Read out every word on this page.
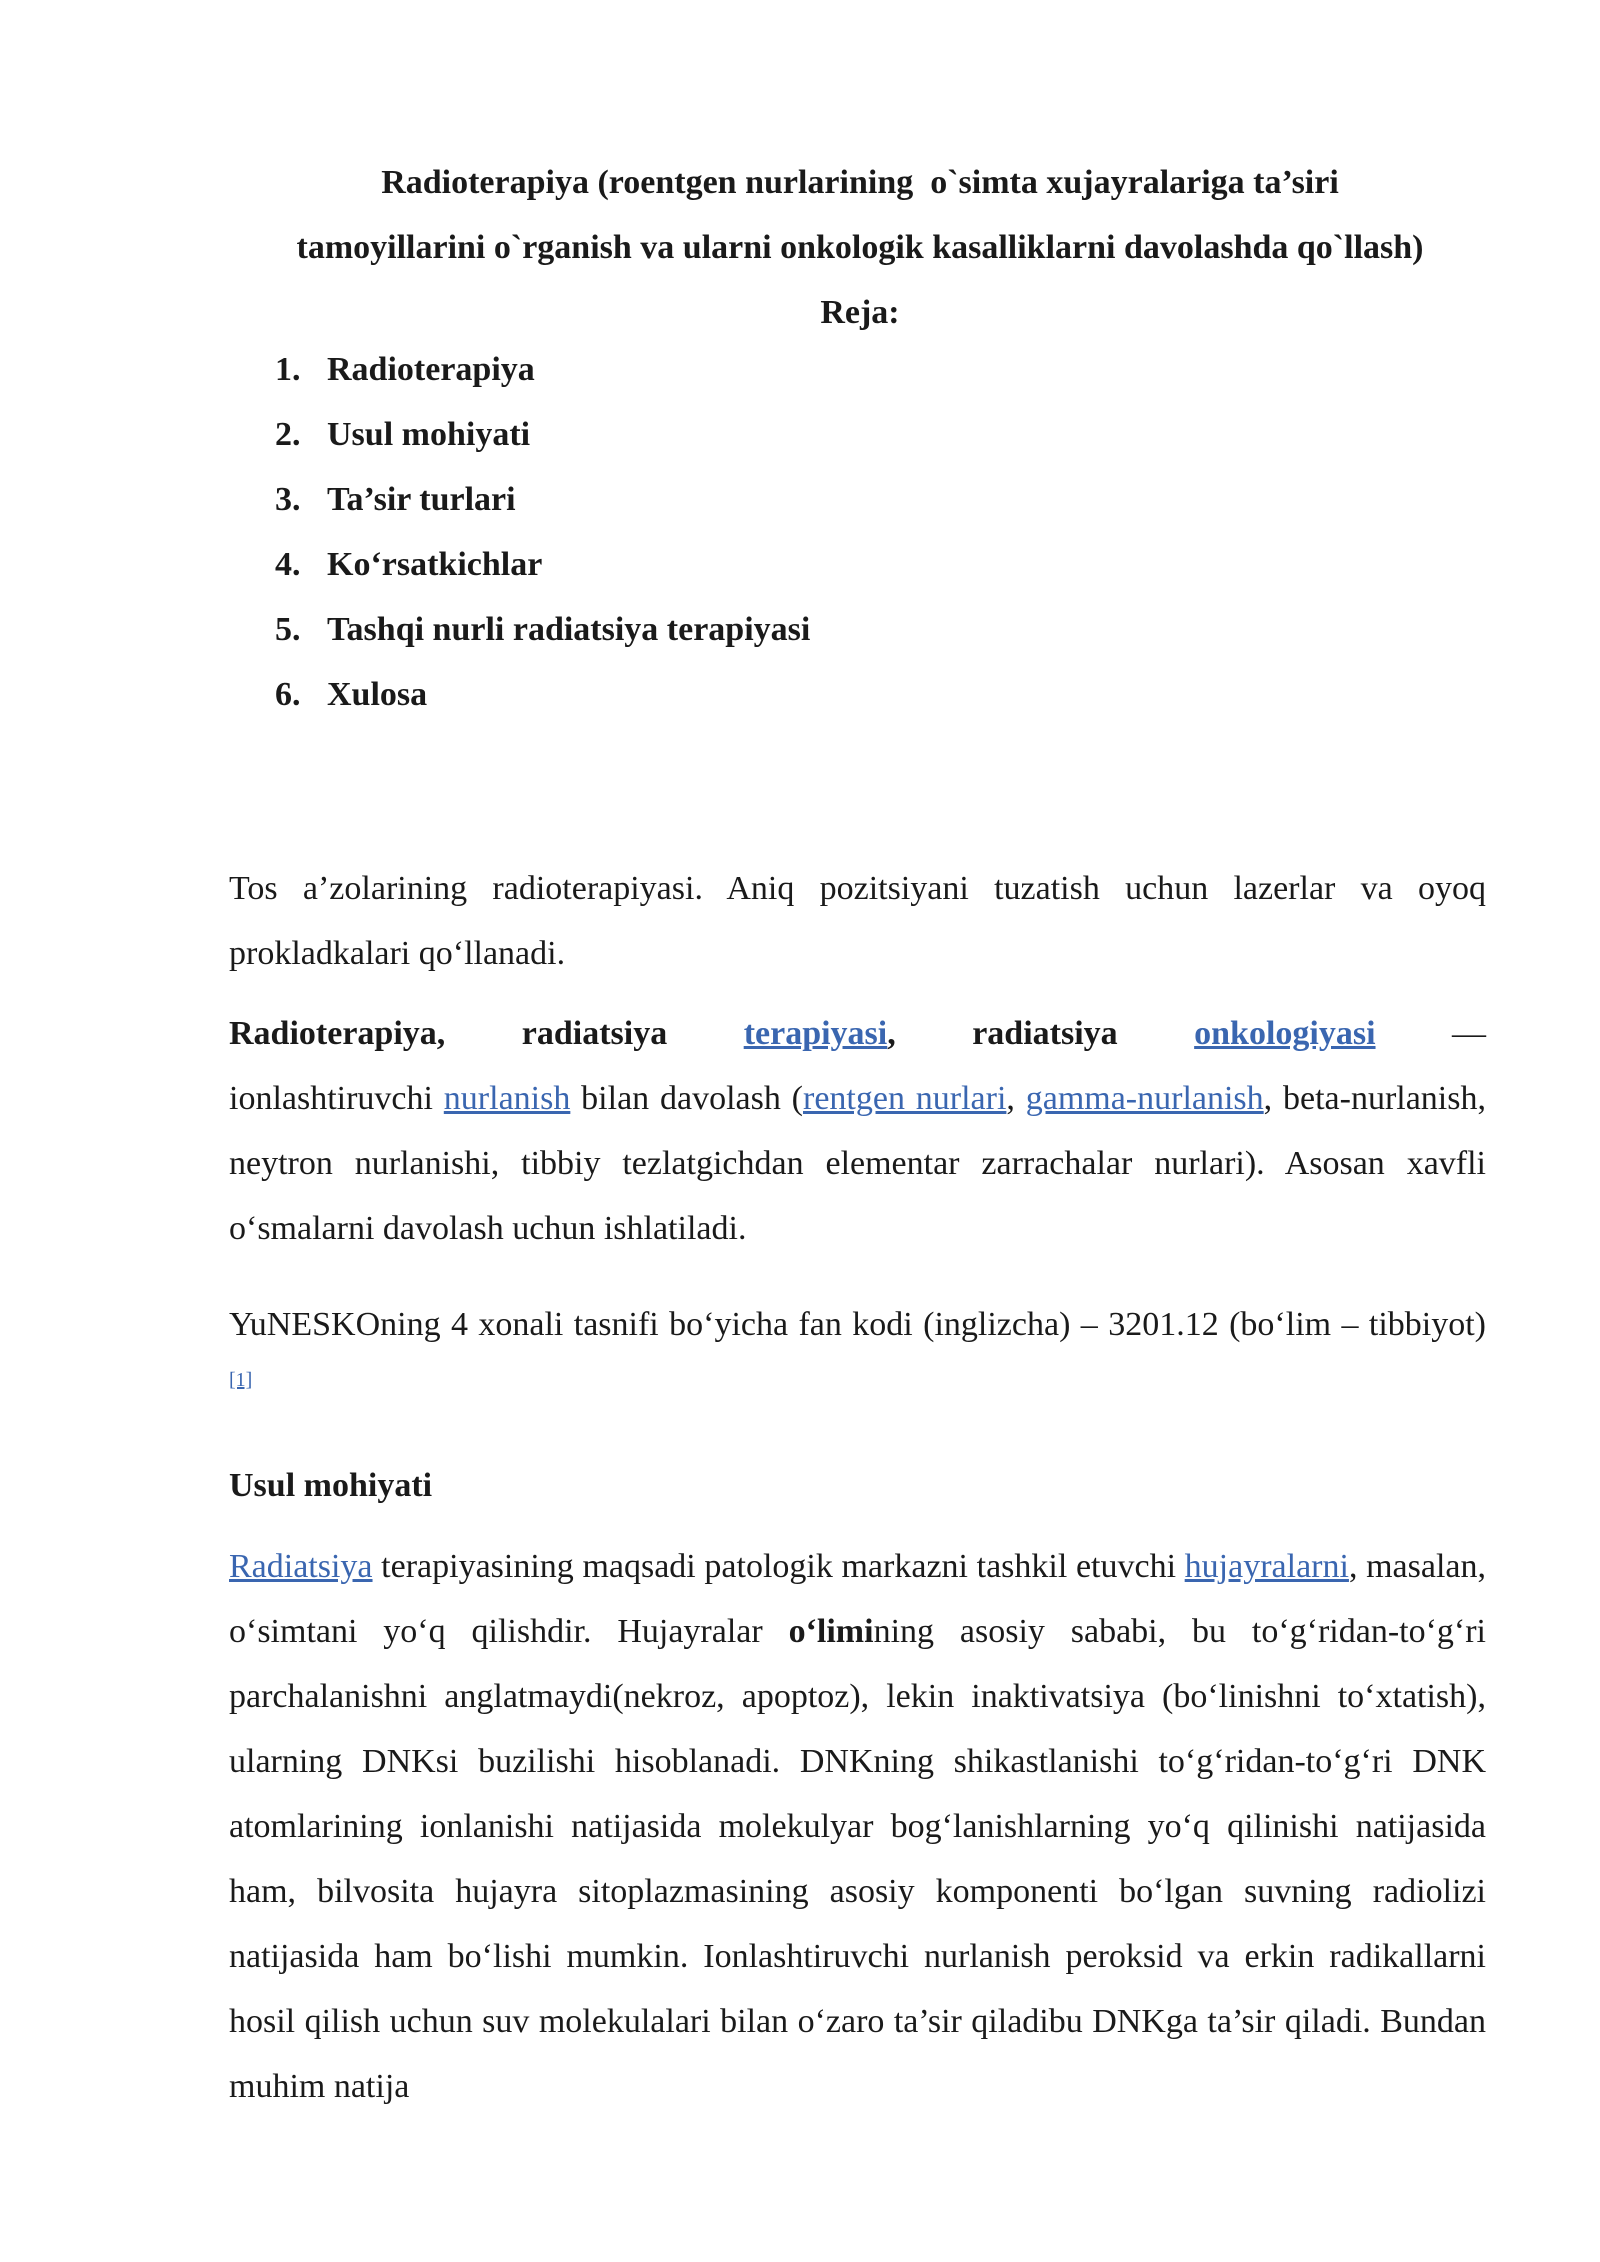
Radioterapiya (roentgen nurlarining  o`simta xujayralariga ta’siri

tamoyillarini o`rganish va ularni onkologik kasalliklarni davolashda qo`llash)

Reja:

1. Radioterapiya
2. Usul mohiyati
3. Ta’sir turlari
4. Ko‘rsatkichlar
5. Tashqi nurli radiatsiya terapiyasi
6. Xulosa

Tos a’zolarining radioterapiyasi. Aniq pozitsiyani tuzatish uchun lazerlar va oyoq prokladkalari qo‘llanadi.

Radioterapiya, radiatsiya terapiyasi, radiatsiya onkologiyasi —
ionlashtiruvchi nurlanish bilan davolash (rentgen nurlari, gamma-nurlanish, beta-nurlanish, neytron nurlanishi, tibbiy tezlatgichdan elementar zarrachalar nurlari). Asosan xavfli o‘smalarni davolash uchun ishlatiladi.

YuNESKOning 4 xonali tasnifi bo‘yicha fan kodi (inglizcha) – 3201.12 (bo‘lim – tibbiyot)[1]

Usul mohiyati

Radiatsiya terapiyasining maqsadi patologik markazni tashkil etuvchi hujayralarni, masalan, o‘simtani yo‘q qilishdir. Hujayralar o‘limining asosiy sababi, bu to‘g‘ridan-to‘g‘ri parchalanishni anglatmaydi(nekroz, apoptoz), lekin inaktivatsiya (bo‘linishni to‘xtatish), ularning DNKsi buzilishi hisoblanadi. DNKning shikastlanishi to‘g‘ridan-to‘g‘ri DNK atomlarining ionlanishi natijasida molekulyar bog‘lanishlarning yo‘q qilinishi natijasida ham, bilvosita hujayra sitoplazmasining asosiy komponenti bo‘lgan suvning radiolizi natijasida ham bo‘lishi mumkin. Ionlashtiruvchi nurlanish peroksid va erkin radikallarni hosil qilish uchun suv molekulalari bilan o‘zaro ta’sir qiladibu DNKga ta’sir qiladi. Bundan muhim natija
